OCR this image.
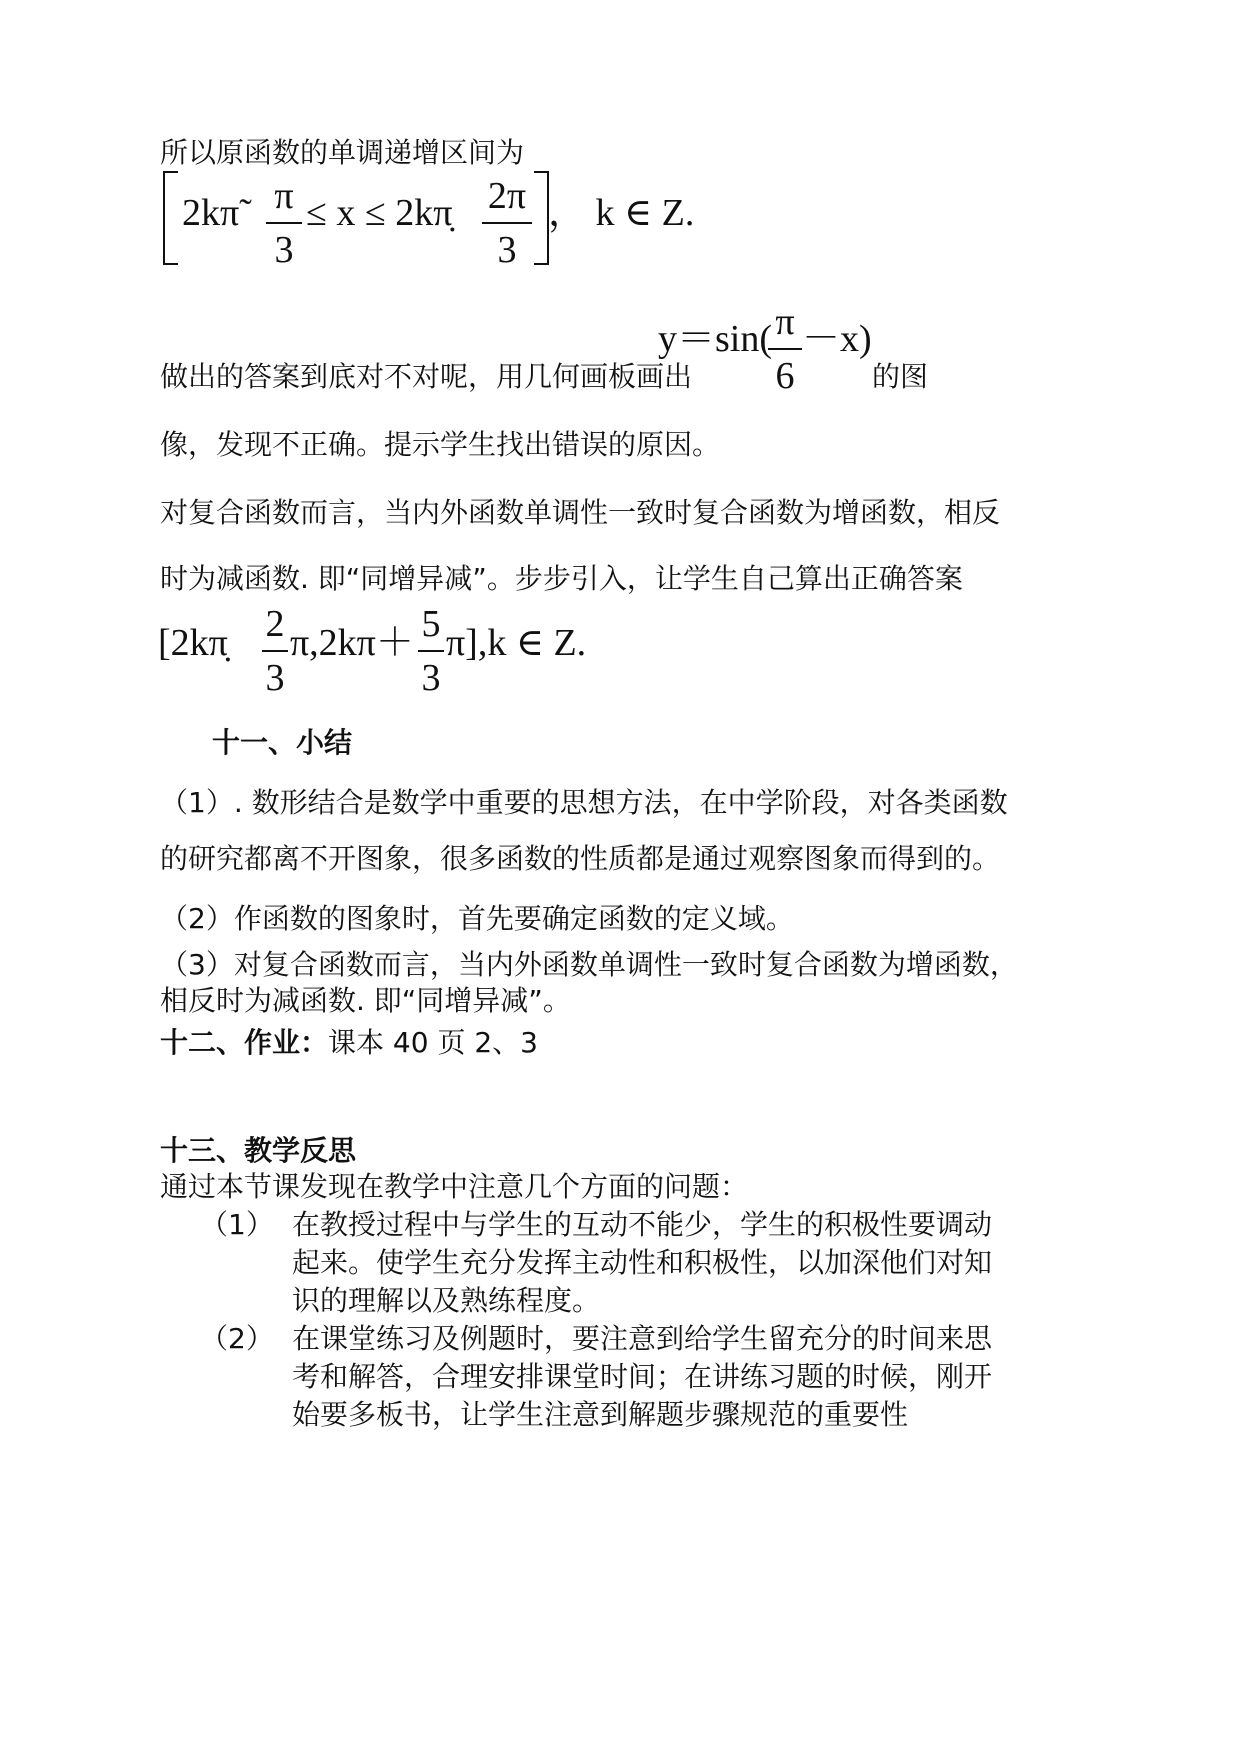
所以原函数的单调递增区间为
2kπ̃ π
3
≤ x ≤ 2kπ̣ 2π
3
， k ∈ Z.
做出的答案到底对不对呢，用几何画板画出
y＝sin( π
6
－x)
的图
像，发现不正确。提示学生找出错误的原因。
对复合函数而言，当内外函数单调性一致时复合函数为增函数，相反
时为减函数. 即“同增异减”。步步引入，让学生自己算出正确答案
[2kπ̣ 2
3
π,2kπ＋ 5
3
π],k ∈ Z.
十一、小结
（1）. 数形结合是数学中重要的思想方法，在中学阶段，对各类函数
的研究都离不开图象，很多函数的性质都是通过观察图象而得到的。
（2）作函数的图象时，首先要确定函数的定义域。
（3）对复合函数而言，当内外函数单调性一致时复合函数为增函数，
相反时为减函数. 即“同增异减”。
十二、作业：课本 40 页 2、3
十三、教学反思
通过本节课发现在教学中注意几个方面的问题：
（1） 在教授过程中与学生的互动不能少，学生的积极性要调动
起来。使学生充分发挥主动性和积极性，以加深他们对知
识的理解以及熟练程度。
（2） 在课堂练习及例题时，要注意到给学生留充分的时间来思
考和解答，合理安排课堂时间；在讲练习题的时候，刚开
始要多板书，让学生注意到解题步骤规范的重要性
